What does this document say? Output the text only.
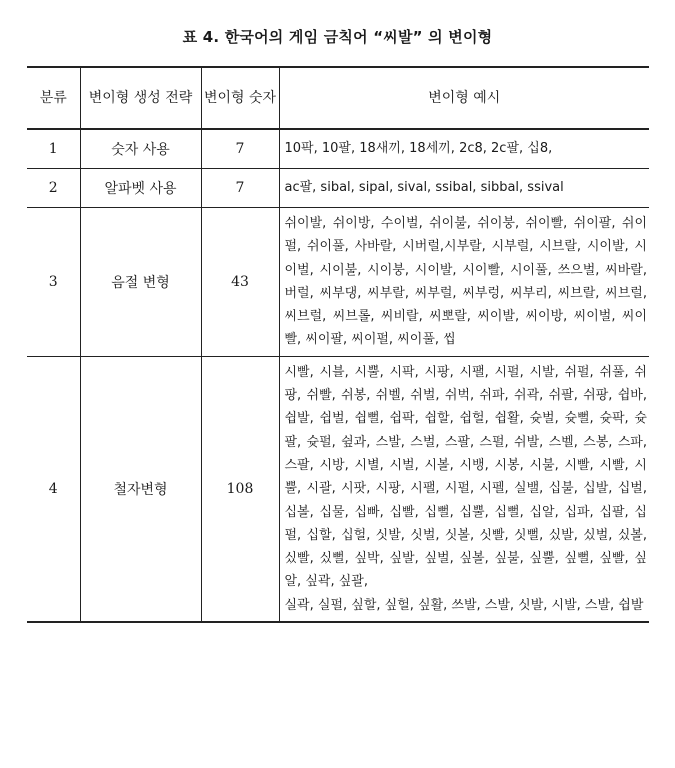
표 4. 한국어의 게임 금칙어 “씨발” 의 변이형
분류	변이형 생성 전략	변이형 숫자	변이형 예시
1	숫자 사용	7	10팍, 10팔, 18새끼, 18세끼, 2c8, 2c팔, 십8,
2	알파벳 사용	7	ac팔, sibal, sipal, sival, ssibal, sibbal, ssival
3	음절 변형	43	쉬이발, 쉬이방, 수이벌, 쉬이불, 쉬이붕, 쉬이빨, 쉬이팔, 쉬이펄, 쉬이풀, 사바랄, 시버럴,시부랄, 시부럴, 시브랄, 시이발, 시이벌, 시이불, 시이붕, 시이발, 시이빨, 시이풀, 쓰으벌, 씨바랄, 버럴, 씨부댕, 씨부랄, 씨부럴, 씨부렁, 씨부리, 씨브랄, 씨브럴, 씨브럴, 씨브롤, 씨비랄, 씨뽀랄, 씨이발, 씨이방, 씨이벌, 씨이빨, 씨이팔, 씨이펄, 씨이풀, 씹
4	철자변형	108	시빨, 시블, 시뿔, 시팍, 시팡, 시팰, 시펄, 시발, 쉬펄, 쉬풀, 쉬팡, 쉬빨, 쉬봉, 쉬벨, 쉬벌, 쉬벅, 쉬파, 쉬곽, 쉬팔, 쉬팡, 쉽바, 쉽발, 쉽벌, 쉽뻘, 쉽팍, 쉽할, 쉽헐, 쉽활, 슛벌, 슛뻘, 슛팍, 슛팔, 슛펄, 슆과, 스발, 스벌, 스팔, 스펄, 쉬발, 스벨, 스봉, 스파, 스팔, 시방, 시별, 시벌, 시볼, 시뱅, 시봉, 시불, 시빨, 시빨, 시뿔, 시괄, 시팟, 시팡, 시팰, 시펄, 시펠, 실밸, 십불, 십발, 십벌, 십볼, 십물, 십빠, 십빨, 십뻘, 십뿔, 십뻘, 십알, 십파, 십팔, 십펄, 십할, 십헐, 싯발, 싯벌, 싯볼, 싯빨, 싯뻘, 싰발, 싰벌, 싰볼, 싰빨, 싰뻘, 싶박, 싶발, 싶벌, 싶볼, 싶불, 싶뿔, 싶뻘, 싶빨, 싶알, 싶곽, 싶괄,
실곽, 실펄, 싶할, 싶헐, 싶활, 쓰발, 스발, 싯발, 시발, 스발, 쉽발
